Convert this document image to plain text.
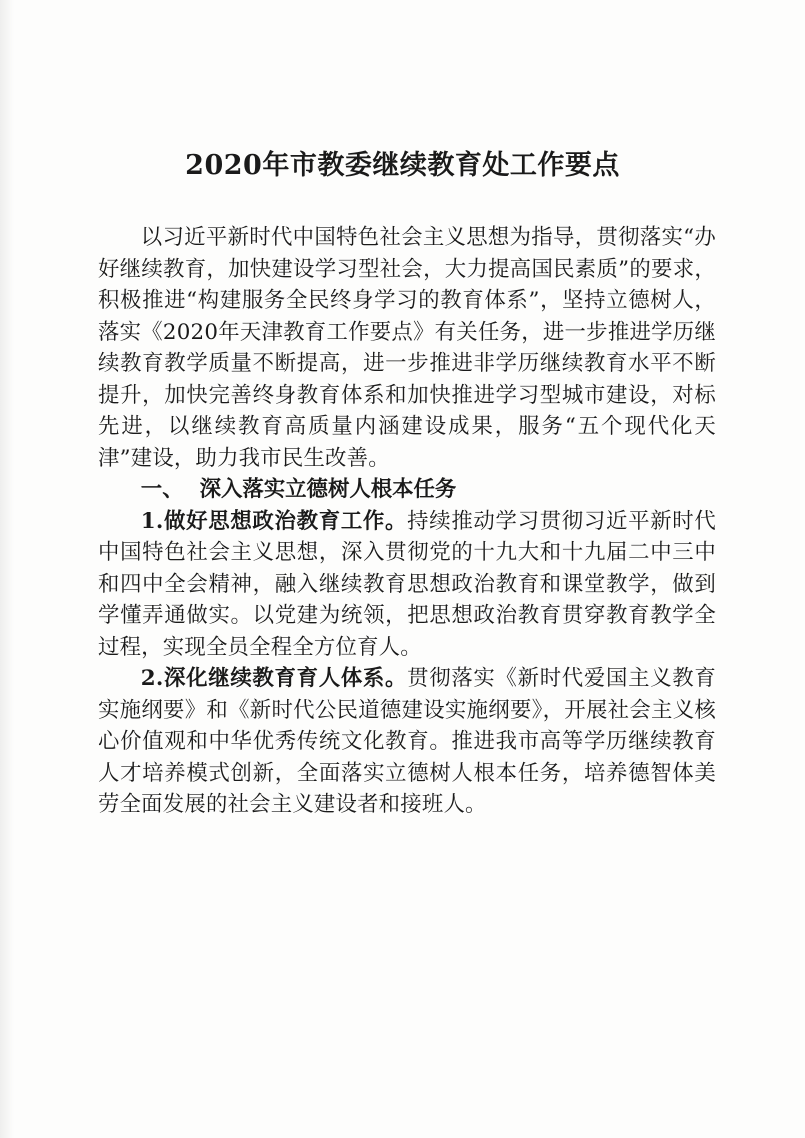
2020年市教委继续教育处工作要点

以习近平新时代中国特色社会主义思想为指导，贯彻落实“办好继续教育，加快建设学习型社会，大力提高国民素质”的要求，积极推进“构建服务全民终身学习的教育体系”，坚持立德树人，落实《2020年天津教育工作要点》有关任务，进一步推进学历继续教育教学质量不断提高，进一步推进非学历继续教育水平不断提升，加快完善终身教育体系和加快推进学习型城市建设，对标先进，以继续教育高质量内涵建设成果，服务“五个现代化天津”建设，助力我市民生改善。

一、 深入落实立德树人根本任务

1.做好思想政治教育工作。持续推动学习贯彻习近平新时代中国特色社会主义思想，深入贯彻党的十九大和十九届二中三中和四中全会精神，融入继续教育思想政治教育和课堂教学，做到学懂弄通做实。以党建为统领，把思想政治教育贯穿教育教学全过程，实现全员全程全方位育人。

2.深化继续教育育人体系。贯彻落实《新时代爱国主义教育实施纲要》和《新时代公民道德建设实施纲要》，开展社会主义核心价值观和中华优秀传统文化教育。推进我市高等学历继续教育人才培养模式创新，全面落实立德树人根本任务，培养德智体美劳全面发展的社会主义建设者和接班人。
